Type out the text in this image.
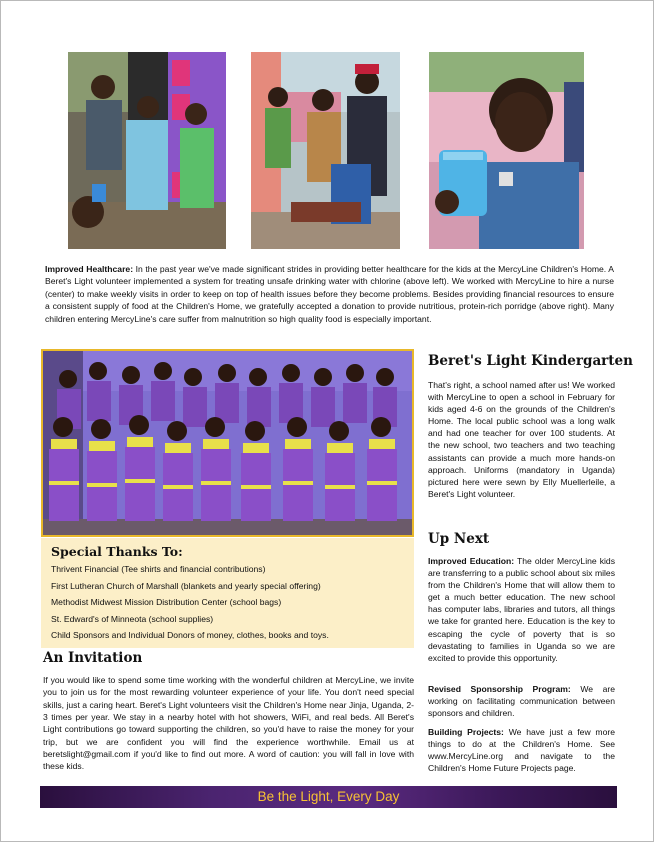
Improved Healthcare: In the past year we've made significant strides in providing better healthcare for the kids at the MercyLine Children's Home. A Beret's Light volunteer implemented a system for treating unsafe drinking water with chlorine (above left). We worked with MercyLine to hire a nurse (center) to make weekly visits in order to keep on top of health issues before they become problems. Besides providing financial resources to ensure a consistent supply of food at the Children's Home, we gratefully accepted a donation to provide nutritious, protein-rich porridge (above right). Many children entering MercyLine's care suffer from malnutrition so high quality food is especially important.

Special Thanks To:

Thrivent Financial (Tee shirts and financial contributions)
First Lutheran Church of Marshall (blankets and yearly special offering)
Methodist Midwest Mission Distribution Center (school bags)
St. Edward's of Minneota (school supplies)
Child Sponsors and Individual Donors of money, clothes, books and toys.
An Invitation

If you would like to spend some time working with the wonderful children at MercyLine, we invite you to join us for the most rewarding volunteer experience of your life. You don't need special skills, just a caring heart. Beret's Light volunteers visit the Children's Home near Jinja, Uganda, 2-3 times per year. We stay in a nearby hotel with hot showers, WiFi, and real beds. All Beret's Light contributions go toward supporting the children, so you'd have to raise the money for your trip, but we are confident you will find the experience worthwhile. Email us at beretslight@gmail.com if you'd like to find out more. A word of caution: you will fall in love with these kids.

Beret's Light Kindergarten

That's right, a school named after us! We worked with MercyLine to open a school in February for kids aged 4-6 on the grounds of the Children's Home. The local public school was a long walk and had one teacher for over 100 students. At the new school, two teachers and two teaching assistants can provide a much more hands-on approach. Uniforms (mandatory in Uganda) pictured here were sewn by Elly Muellerleile, a Beret's Light volunteer.

Up Next

Improved Education: The older MercyLine kids are transferring to a public school about six miles from the Children's Home that will allow them to get a much better education. The new school has computer labs, libraries and tutors, all things we take for granted here. Education is the key to escaping the cycle of poverty that is so devastating to families in Uganda so we are excited to provide this opportunity.

Revised Sponsorship Program: We are working on facilitating communication between sponsors and children.

Building Projects: We have just a few more things to do at the Children's Home. See www.MercyLine.org and navigate to the Children's Home Future Projects page.

Be the Light, Every Day
